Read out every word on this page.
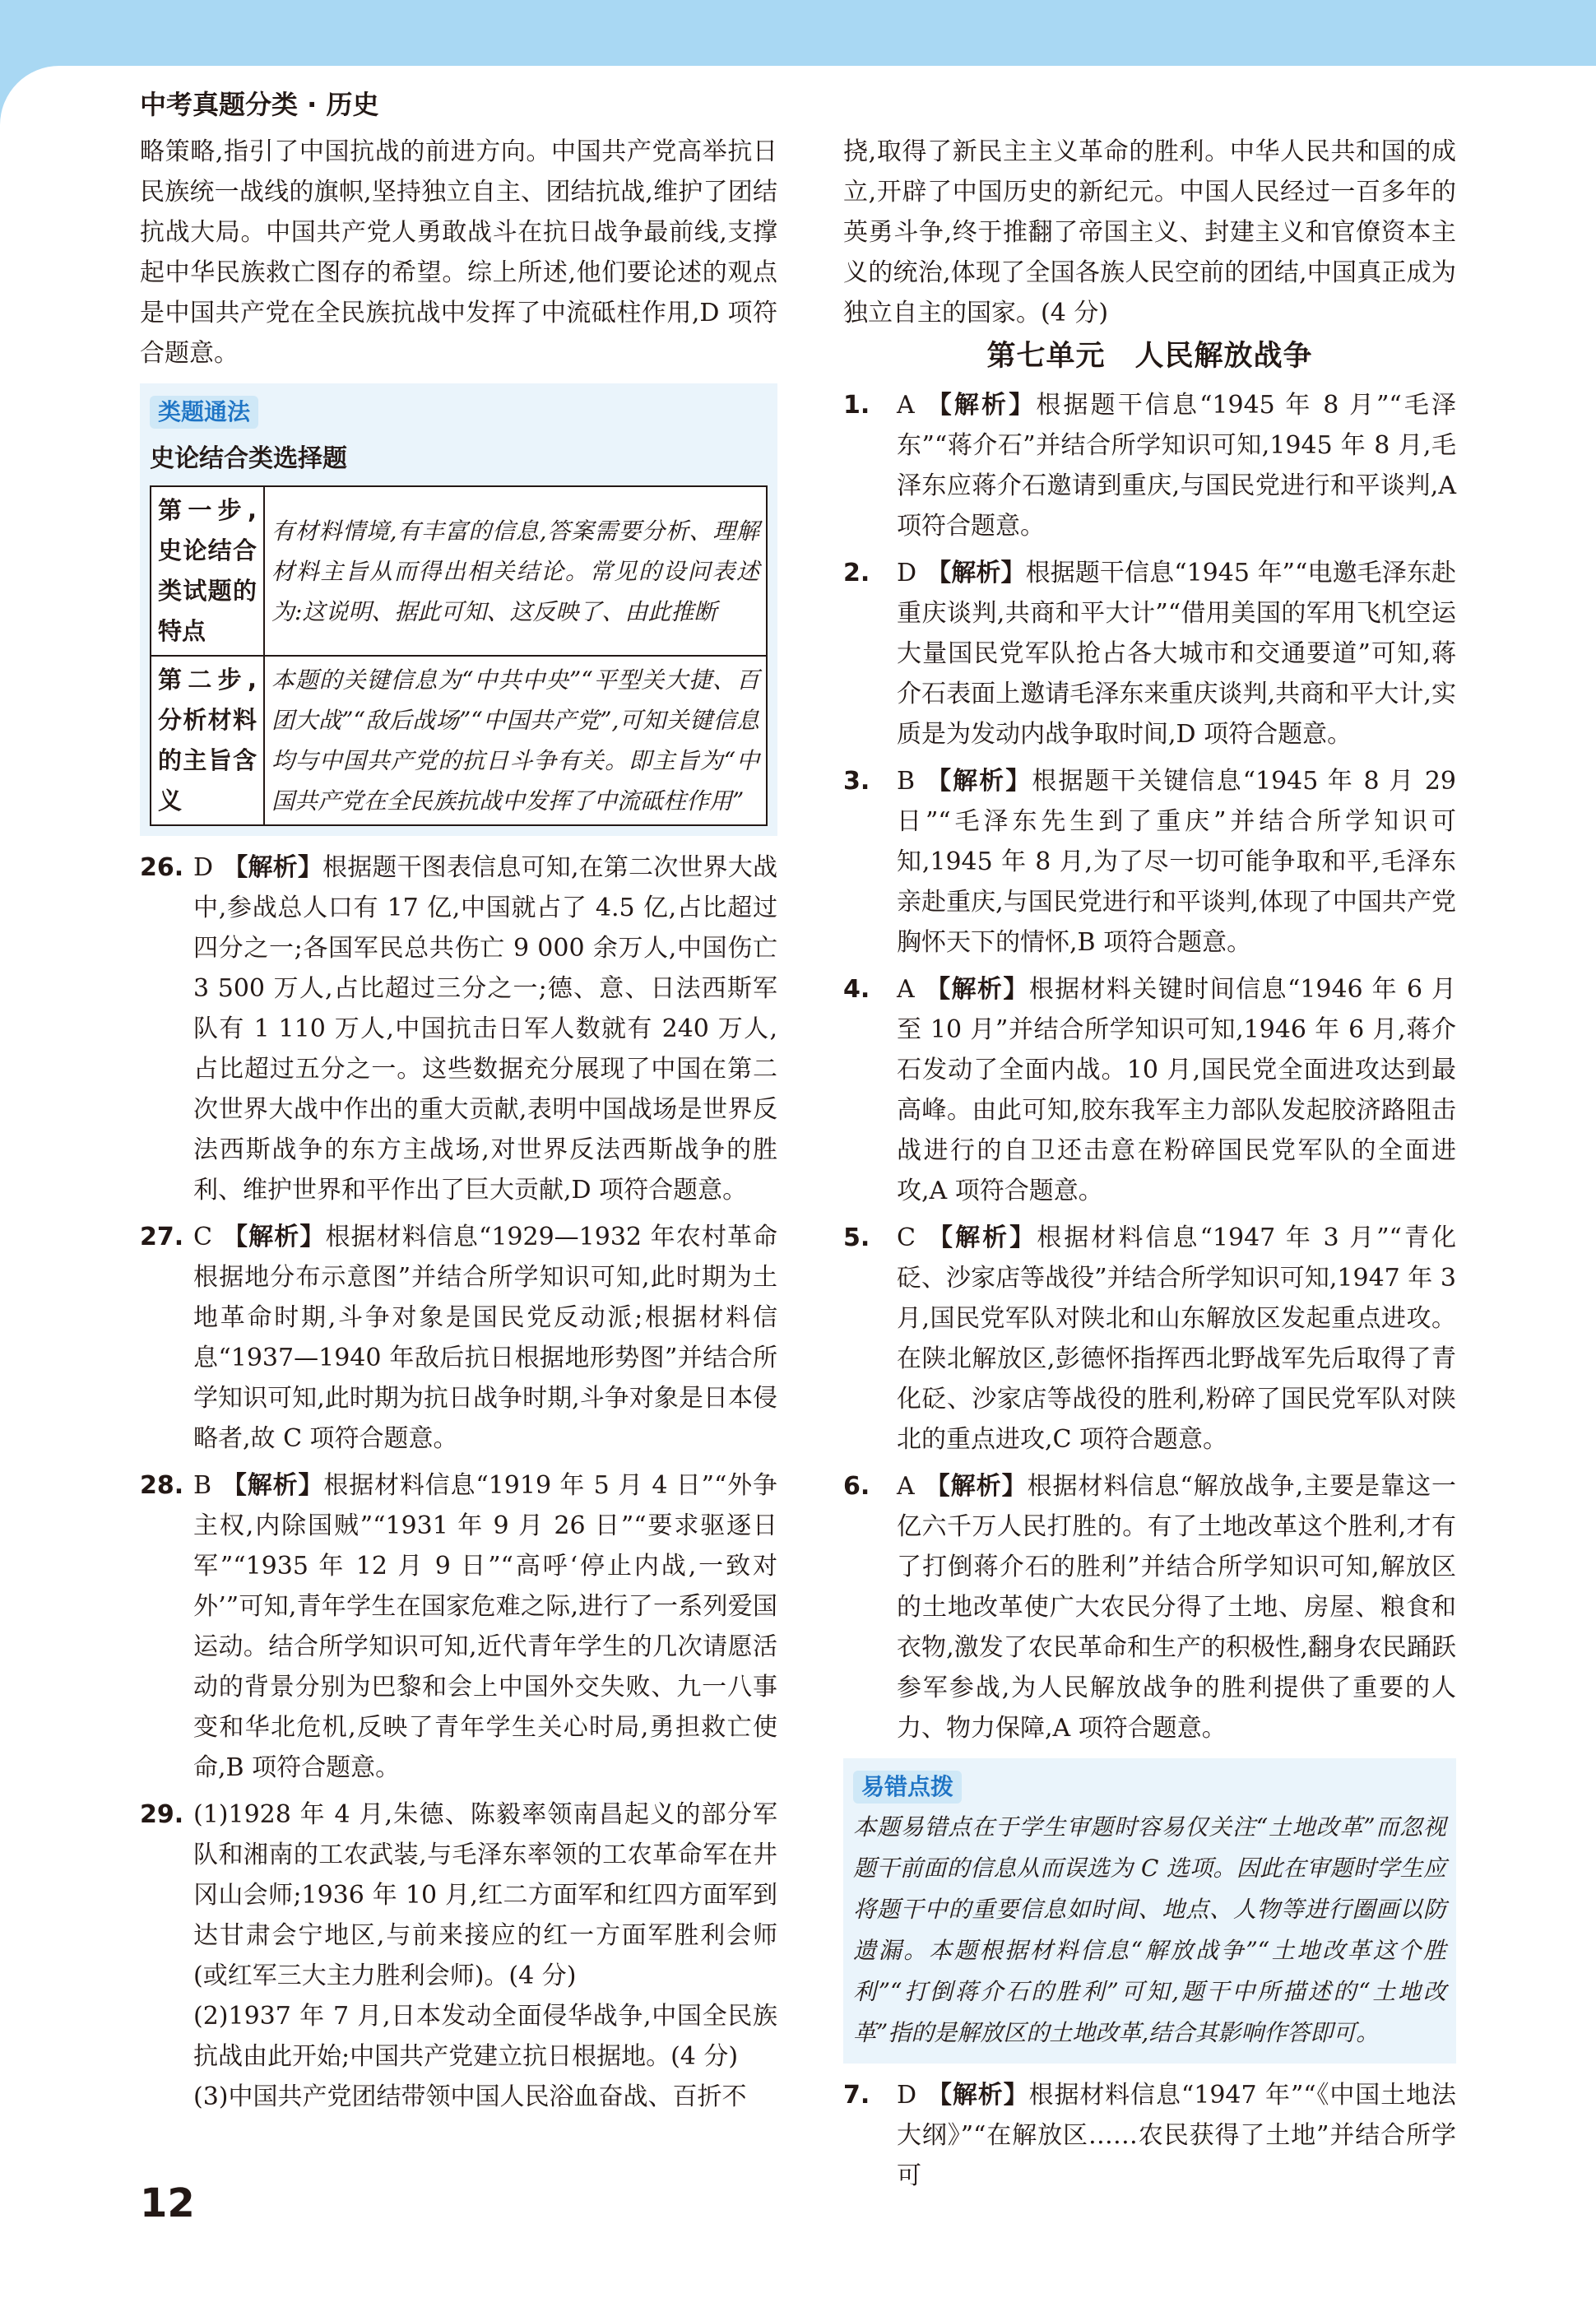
中考真题分类 · 历史

略策略,指引了中国抗战的前进方向。中国共产党高举抗日民族统一战线的旗帜,坚持独立自主、团结抗战,维护了团结抗战大局。中国共产党人勇敢战斗在抗日战争最前线,支撑起中华民族救亡图存的希望。综上所述,他们要论述的观点是中国共产党在全民族抗战中发挥了中流砥柱作用,D 项符合题意。

类题通法
史论结合类选择题
第一步,史论结合类试题的特点	有材料情境,有丰富的信息,答案需要分析、理解材料主旨从而得出相关结论。常见的设问表述为:这说明、据此可知、这反映了、由此推断
第二步,分析材料的主旨含义	本题的关键信息为“中共中央”“平型关大捷、百团大战”“敌后战场”“中国共产党”,可知关键信息均与中国共产党的抗日斗争有关。即主旨为“中国共产党在全民族抗战中发挥了中流砥柱作用”
26. D 【解析】根据题干图表信息可知,在第二次世界大战中,参战总人口有 17 亿,中国就占了 4.5 亿,占比超过四分之一;各国军民总共伤亡 9 000 余万人,中国伤亡 3 500 万人,占比超过三分之一;德、意、日法西斯军队有 1 110 万人,中国抗击日军人数就有 240 万人,占比超过五分之一。这些数据充分展现了中国在第二次世界大战中作出的重大贡献,表明中国战场是世界反法西斯战争的东方主战场,对世界反法西斯战争的胜利、维护世界和平作出了巨大贡献,D 项符合题意。
27. C 【解析】根据材料信息“1929—1932 年农村革命根据地分布示意图”并结合所学知识可知,此时期为土地革命时期,斗争对象是国民党反动派;根据材料信息“1937—1940 年敌后抗日根据地形势图”并结合所学知识可知,此时期为抗日战争时期,斗争对象是日本侵略者,故 C 项符合题意。
28. B 【解析】根据材料信息“1919 年 5 月 4 日”“外争主权,内除国贼”“1931 年 9 月 26 日”“要求驱逐日军”“1935 年 12 月 9 日”“高呼‘停止内战,一致对外’”可知,青年学生在国家危难之际,进行了一系列爱国运动。结合所学知识可知,近代青年学生的几次请愿活动的背景分别为巴黎和会上中国外交失败、九一八事变和华北危机,反映了青年学生关心时局,勇担救亡使命,B 项符合题意。
29. (1)1928 年 4 月,朱德、陈毅率领南昌起义的部分军队和湘南的工农武装,与毛泽东率领的工农革命军在井冈山会师;1936 年 10 月,红二方面军和红四方面军到达甘肃会宁地区,与前来接应的红一方面军胜利会师(或红军三大主力胜利会师)。(4 分)

(2)1937 年 7 月,日本发动全面侵华战争,中国全民族抗战由此开始;中国共产党建立抗日根据地。(4 分)

(3)中国共产党团结带领中国人民浴血奋战、百折不

挠,取得了新民主主义革命的胜利。中华人民共和国的成立,开辟了中国历史的新纪元。中国人民经过一百多年的英勇斗争,终于推翻了帝国主义、封建主义和官僚资本主义的统治,体现了全国各族人民空前的团结,中国真正成为独立自主的国家。(4 分)

第七单元　人民解放战争
1. A 【解析】根据题干信息“1945 年 8 月”“毛泽东”“蒋介石”并结合所学知识可知,1945 年 8 月,毛泽东应蒋介石邀请到重庆,与国民党进行和平谈判,A 项符合题意。
2. D 【解析】根据题干信息“1945 年”“电邀毛泽东赴重庆谈判,共商和平大计”“借用美国的军用飞机空运大量国民党军队抢占各大城市和交通要道”可知,蒋介石表面上邀请毛泽东来重庆谈判,共商和平大计,实质是为发动内战争取时间,D 项符合题意。
3. B 【解析】根据题干关键信息“1945 年 8 月 29 日”“毛泽东先生到了重庆”并结合所学知识可知,1945 年 8 月,为了尽一切可能争取和平,毛泽东亲赴重庆,与国民党进行和平谈判,体现了中国共产党胸怀天下的情怀,B 项符合题意。
4. A 【解析】根据材料关键时间信息“1946 年 6 月至 10 月”并结合所学知识可知,1946 年 6 月,蒋介石发动了全面内战。10 月,国民党全面进攻达到最高峰。由此可知,胶东我军主力部队发起胶济路阻击战进行的自卫还击意在粉碎国民党军队的全面进攻,A 项符合题意。
5. C 【解析】根据材料信息“1947 年 3 月”“青化砭、沙家店等战役”并结合所学知识可知,1947 年 3 月,国民党军队对陕北和山东解放区发起重点进攻。在陕北解放区,彭德怀指挥西北野战军先后取得了青化砭、沙家店等战役的胜利,粉碎了国民党军队对陕北的重点进攻,C 项符合题意。
6. A 【解析】根据材料信息“解放战争,主要是靠这一亿六千万人民打胜的。有了土地改革这个胜利,才有了打倒蒋介石的胜利”并结合所学知识可知,解放区的土地改革使广大农民分得了土地、房屋、粮食和衣物,激发了农民革命和生产的积极性,翻身农民踊跃参军参战,为人民解放战争的胜利提供了重要的人力、物力保障,A 项符合题意。
易错点拨
本题易错点在于学生审题时容易仅关注“土地改革”而忽视题干前面的信息从而误选为 C 选项。因此在审题时学生应将题干中的重要信息如时间、地点、人物等进行圈画以防遗漏。本题根据材料信息“解放战争”“土地改革这个胜利”“打倒蒋介石的胜利”可知,题干中所描述的“土地改革”指的是解放区的土地改革,结合其影响作答即可。
7. D 【解析】根据材料信息“1947 年”“《中国土地法大纲》”“在解放区……农民获得了土地”并结合所学可
12
